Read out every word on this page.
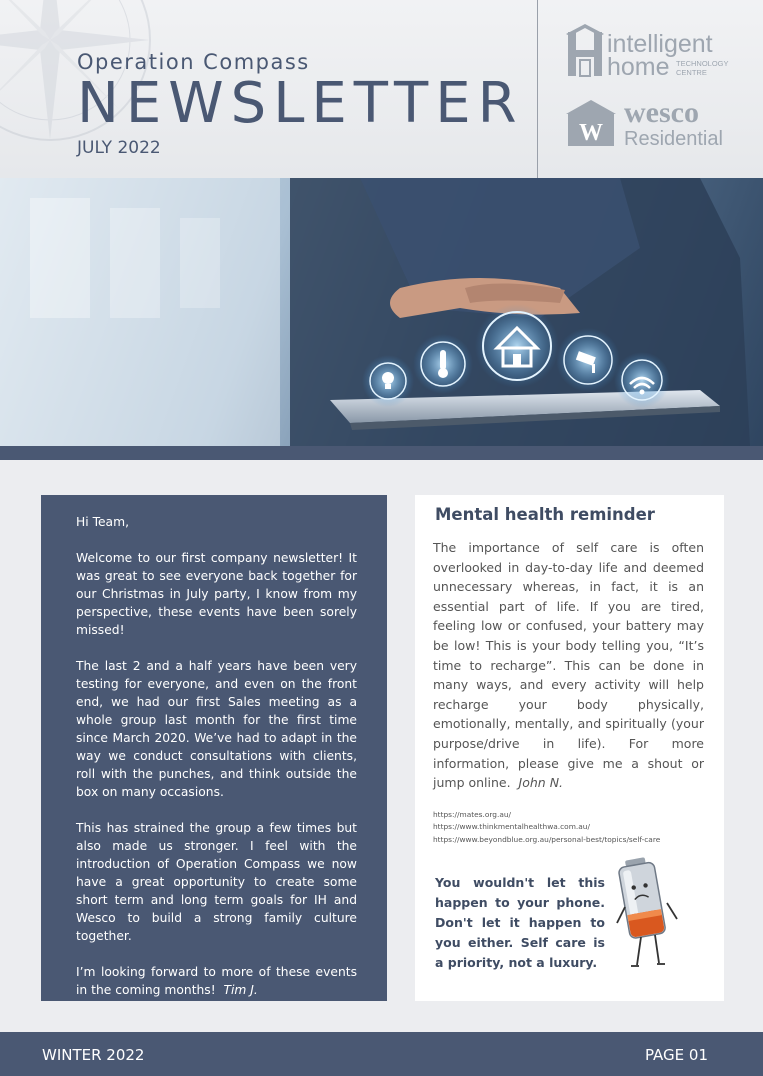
Operation Compass
NEWSLETTER
JULY 2022
intelligent
home TECHNOLOGY
CENTRE
W
wesco
Residential

Hi Team,

Welcome to our first company newsletter! It was great to see everyone back together for our Christmas in July party, I know from my perspective, these events have been sorely missed!

The last 2 and a half years have been very testing for everyone, and even on the front end, we had our first Sales meeting as a whole group last month for the first time since March 2020. We’ve had to adapt in the way we conduct consultations with clients, roll with the punches, and think outside the box on many occasions.

This has strained the group a few times but also made us stronger. I feel with the introduction of Operation Compass we now have a great opportunity to create some short term and long term goals for IH and Wesco to build a strong family culture together.

I’m looking forward to more of these events in the coming months! Tim J.

Mental health reminder
The importance of self care is often overlooked in day-to-day life and deemed unnecessary whereas, in fact, it is an essential part of life. If you are tired, feeling low or confused, your battery may be low! This is your body telling you, “It’s time to recharge”. This can be done in many ways, and every activity will help recharge your body physically, emotionally, mentally, and spiritually (your purpose/drive in life). For more information, please give me a shout or jump online. John N.
https://mates.org.au/
https://www.thinkmentalhealthwa.com.au/
https://www.beyondblue.org.au/personal-best/topics/self-care
You wouldn't let this happen to your phone. Don't let it happen to you either. Self care is a priority, not a luxury.
WINTER 2022	PAGE 01
